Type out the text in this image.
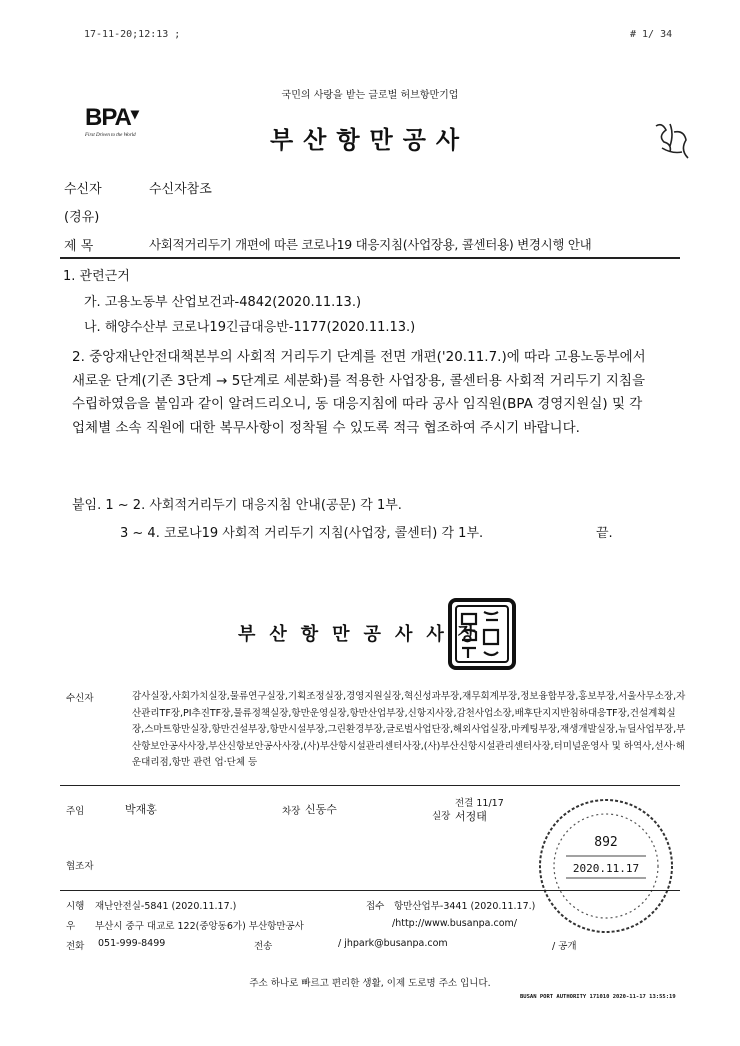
17-11-20;12:13 ;	# 1/ 34
국민의 사랑을 받는 글로벌 허브항만기업
BPA▾
First Driven to the World	부산항만공사
수신자	수신자참조
(경유)
제 목	사회적거리두기 개편에 따른 코로나19 대응지침(사업장용, 콜센터용) 변경시행 안내
1. 관련근거
가. 고용노동부 산업보건과-4842(2020.11.13.)
나. 해양수산부 코로나19긴급대응반-1177(2020.11.13.)
2. 중앙재난안전대책본부의 사회적 거리두기 단계를 전면 개편('20.11.7.)에 따라 고용노동부에서 새로운 단계(기존 3단계 → 5단계로 세분화)를 적용한 사업장용, 콜센터용 사회적 거리두기 지침을 수립하였음을 붙임과 같이 알려드리오니, 동 대응지침에 따라 공사 임직원(BPA 경영지원실) 및 각 업체별 소속 직원에 대한 복무사항이 정착될 수 있도록 적극 협조하여 주시기 바랍니다.
붙임. 1 ~ 2. 사회적거리두기 대응지침 안내(공문) 각 1부.
3 ~ 4. 코로나19 사회적 거리두기 지침(사업장, 콜센터) 각 1부.	끝.
부산항만공사사장
수신자	감사실장,사회가치실장,물류연구실장,기획조정실장,경영지원실장,혁신성과부장,재무회계부장,정보융합부장,홍보부장,서울사무소장,자산관리TF장,PI추진TF장,물류정책실장,항만운영실장,항만산업부장,신항지사장,감천사업소장,배후단지지반침하대응TF장,건설계획실장,스마트항만실장,항만건설부장,항만시설부장,그린환경부장,글로벌사업단장,해외사업실장,마케팅부장,재생개발실장,뉴딜사업부장,부산항보안공사사장,부산신항보안공사사장,(사)부산항시설관리센터사장,(사)부산신항시설관리센터사장,터미널운영사 및 하역사,선사·해운대리점,항만 관련 업·단체 등
주임	박재홍	차장 신동수
실장
전결 11/17
서정태
892
2020.11.17
협조자
시행 재난안전실-5841 (2020.11.17.)	접수 항만산업부-3441 (2020.11.17.)
우 부산시 중구 대교로 122(중앙동6가) 부산항만공사	/http://www.busanpa.com/
전화 051-999-8499	전송	/ jhpark@busanpa.com	/ 공개
주소 하나로 빠르고 편리한 생활, 이제 도로명 주소 입니다.
BUSAN PORT AUTHORITY 171010 2020-11-17 13:55:19
